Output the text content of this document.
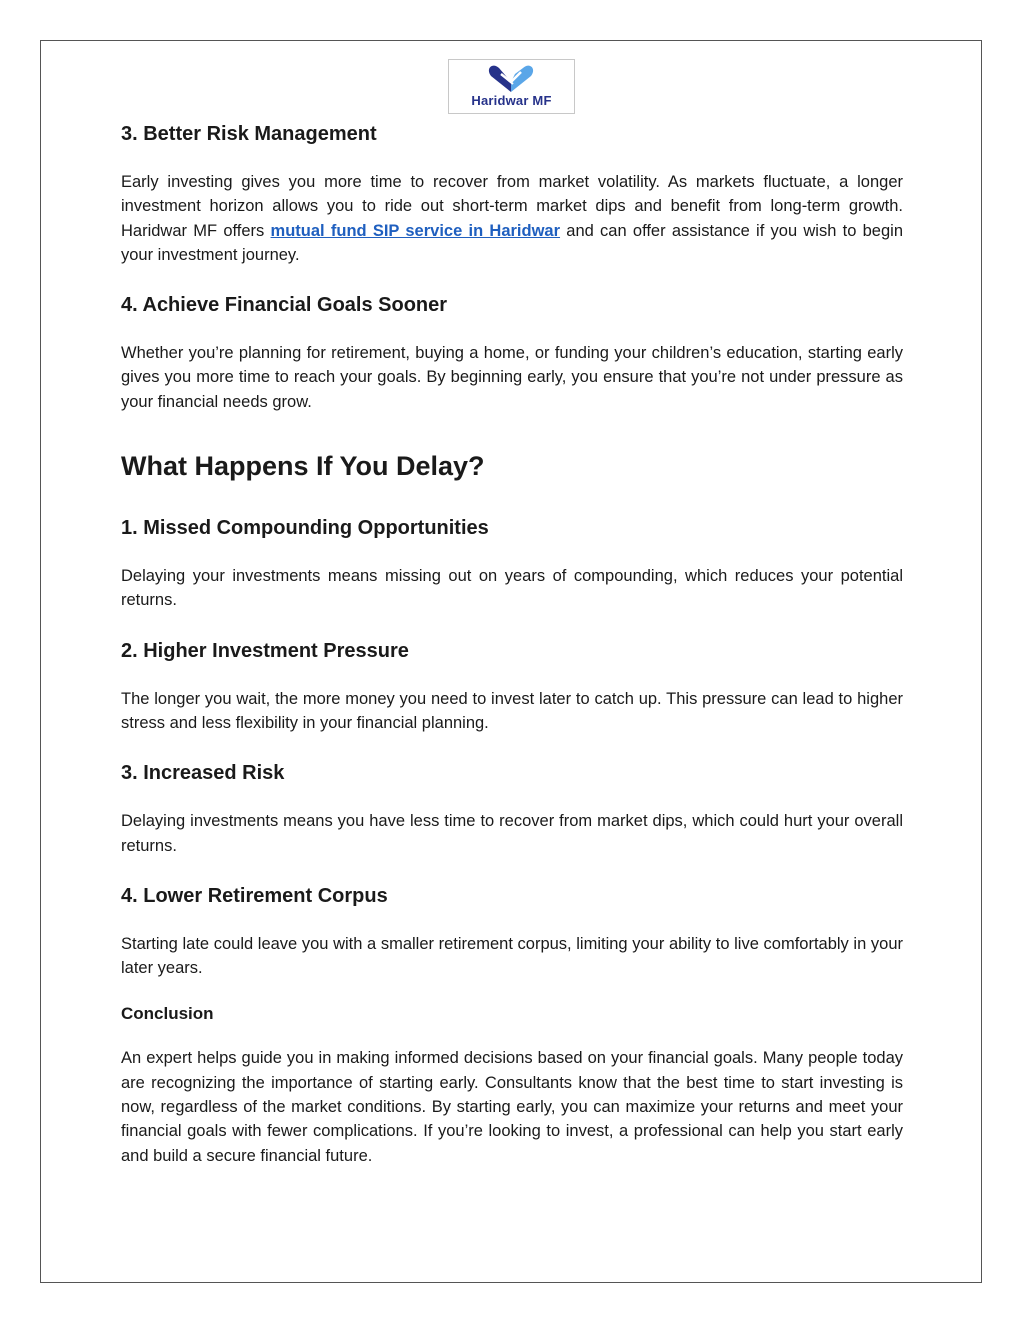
Haridwar MF
3. Better Risk Management

Early investing gives you more time to recover from market volatility. As markets fluctuate, a longer investment horizon allows you to ride out short-term market dips and benefit from long-term growth. Haridwar MF offers mutual fund SIP service in Haridwar and can offer assistance if you wish to begin your investment journey.

4. Achieve Financial Goals Sooner

Whether you’re planning for retirement, buying a home, or funding your children’s education, starting early gives you more time to reach your goals. By beginning early, you ensure that you’re not under pressure as your financial needs grow.

What Happens If You Delay?
1. Missed Compounding Opportunities

Delaying your investments means missing out on years of compounding, which reduces your potential returns.

2. Higher Investment Pressure

The longer you wait, the more money you need to invest later to catch up. This pressure can lead to higher stress and less flexibility in your financial planning.

3. Increased Risk

Delaying investments means you have less time to recover from market dips, which could hurt your overall returns.

4. Lower Retirement Corpus

Starting late could leave you with a smaller retirement corpus, limiting your ability to live comfortably in your later years.

Conclusion

An expert helps guide you in making informed decisions based on your financial goals. Many people today are recognizing the importance of starting early. Consultants know that the best time to start investing is now, regardless of the market conditions. By starting early, you can maximize your returns and meet your financial goals with fewer complications. If you’re looking to invest, a professional can help you start early and build a secure financial future.
